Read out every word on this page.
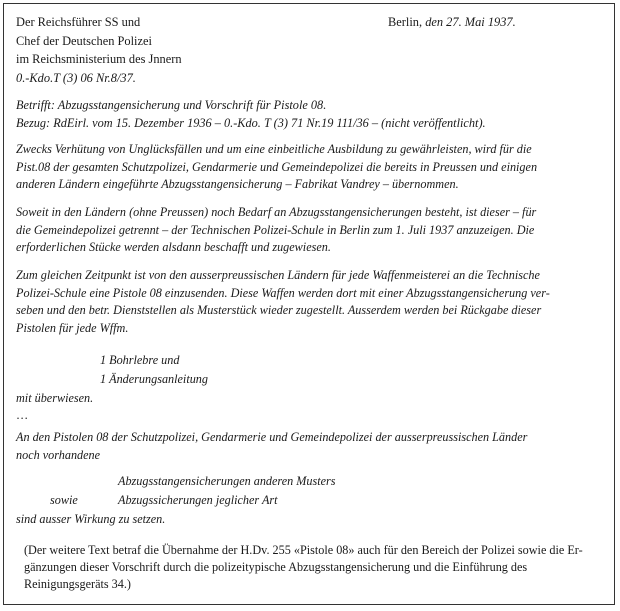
Der Reichsführer SS und
Chef der Deutschen Polizei
im Reichsministerium des Jnnern
0.-Kdo.T (3) 06 Nr.8/37.
Berlin, den 27. Mai 1937.
Betrifft: Abzugsstangensicherung und Vorschrift für Pistole 08.
Bezug: RdEirl. vom 15. Dezember 1936 – 0.-Kdo. T (3) 71 Nr.19 111/36 – (nicht veröffentlicht).
Zwecks Verhütung von Unglücksfällen und um eine einbeitliche Ausbildung zu gewährleisten, wird für die
Pist.08 der gesamten Schutzpolizei, Gendarmerie und Gemeindepolizei die bereits in Preussen und einigen
anderen Ländern eingeführte Abzugsstangensicherung – Fabrikat Vandrey – übernommen.
Soweit in den Ländern (ohne Preussen) noch Bedarf an Abzugsstangensicherungen besteht, ist dieser – für
die Gemeindepolizei getrennt – der Technischen Polizei-Schule in Berlin zum 1. Juli 1937 anzuzeigen. Die
erforderlichen Stücke werden alsdann beschafft und zugewiesen.
Zum gleichen Zeitpunkt ist von den ausserpreussischen Ländern für jede Waffenmeisterei an die Technische
Polizei-Schule eine Pistole 08 einzusenden. Diese Waffen werden dort mit einer Abzugsstangensicherung ver-
seben und den betr. Dienststellen als Musterstück wieder zugestellt. Ausserdem werden bei Rückgabe dieser
Pistolen für jede Wffm.
1 Bohrlebre und
1 Änderungsanleitung
mit überwiesen.
…
An den Pistolen 08 der Schutzpolizei, Gendarmerie und Gemeindepolizei der ausserpreussischen Länder
noch vorhandene
Abzugsstangensicherungen anderen Musters
sowie	Abzugssicherungen jeglicher Art
sind ausser Wirkung zu setzen.
(Der weitere Text betraf die Übernahme der H.Dv. 255 «Pistole 08» auch für den Bereich der Polizei sowie die Er-
gänzungen dieser Vorschrift durch die polizeitypische Abzugsstangensicherung und die Einführung des
Reinigungsgeräts 34.)
